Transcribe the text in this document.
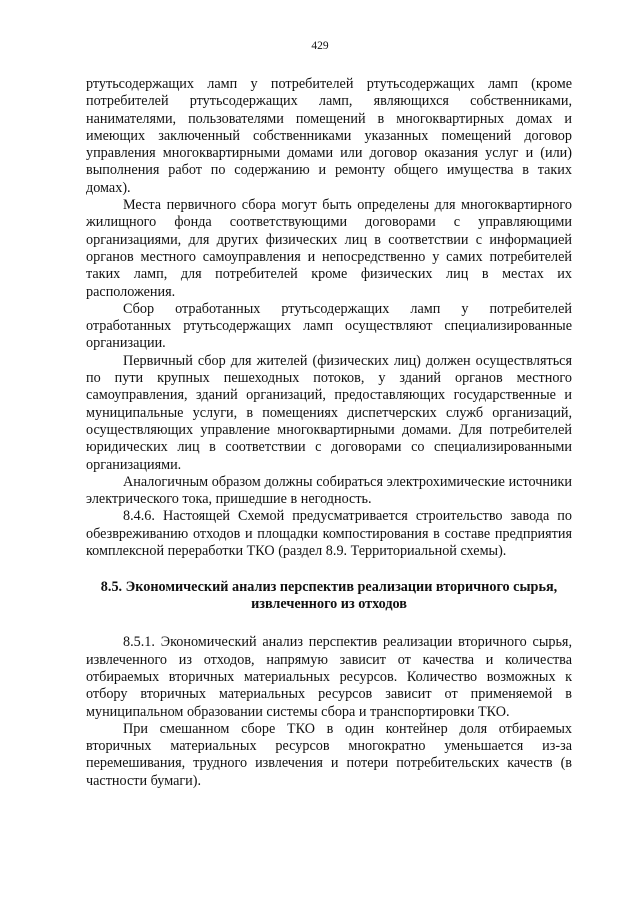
429

ртутьсодержащих ламп у потребителей ртутьсодержащих ламп (кроме потребителей ртутьсодержащих ламп, являющихся собственниками, нанимателями, пользователями помещений в многоквартирных домах и имеющих заключенный собственниками указанных помещений договор управления многоквартирными домами или договор оказания услуг и (или) выполнения работ по содержанию и ремонту общего имущества в таких домах).

Места первичного сбора могут быть определены для многоквартирного жилищного фонда соответствующими договорами с управляющими организациями, для других физических лиц в соответствии с информацией органов местного самоуправления и непосредственно у самих потребителей таких ламп, для потребителей кроме физических лиц в местах их расположения.

Сбор отработанных ртутьсодержащих ламп у потребителей отработанных ртутьсодержащих ламп осуществляют специализированные организации.

Первичный сбор для жителей (физических лиц) должен осуществляться по пути крупных пешеходных потоков, у зданий органов местного самоуправления, зданий организаций, предоставляющих государственные и муниципальные услуги, в помещениях диспетчерских служб организаций, осуществляющих управление многоквартирными домами. Для потребителей юридических лиц в соответствии с договорами со специализированными организациями.

Аналогичным образом должны собираться электрохимические источники электрического тока, пришедшие в негодность.

8.4.6. Настоящей Схемой предусматривается строительство завода по обезвреживанию отходов и площадки компостирования в составе предприятия комплексной переработки ТКО (раздел 8.9. Территориальной схемы).

8.5. Экономический анализ перспектив реализации вторичного сырья,
извлеченного из отходов

8.5.1. Экономический анализ перспектив реализации вторичного сырья, извлеченного из отходов, напрямую зависит от качества и количества отбираемых вторичных материальных ресурсов. Количество возможных к отбору вторичных материальных ресурсов зависит от применяемой в муниципальном образовании системы сбора и транспортировки ТКО.

При смешанном сборе ТКО в один контейнер доля отбираемых вторичных материальных ресурсов многократно уменьшается из-за перемешивания, трудного извлечения и потери потребительских качеств (в частности бумаги).
